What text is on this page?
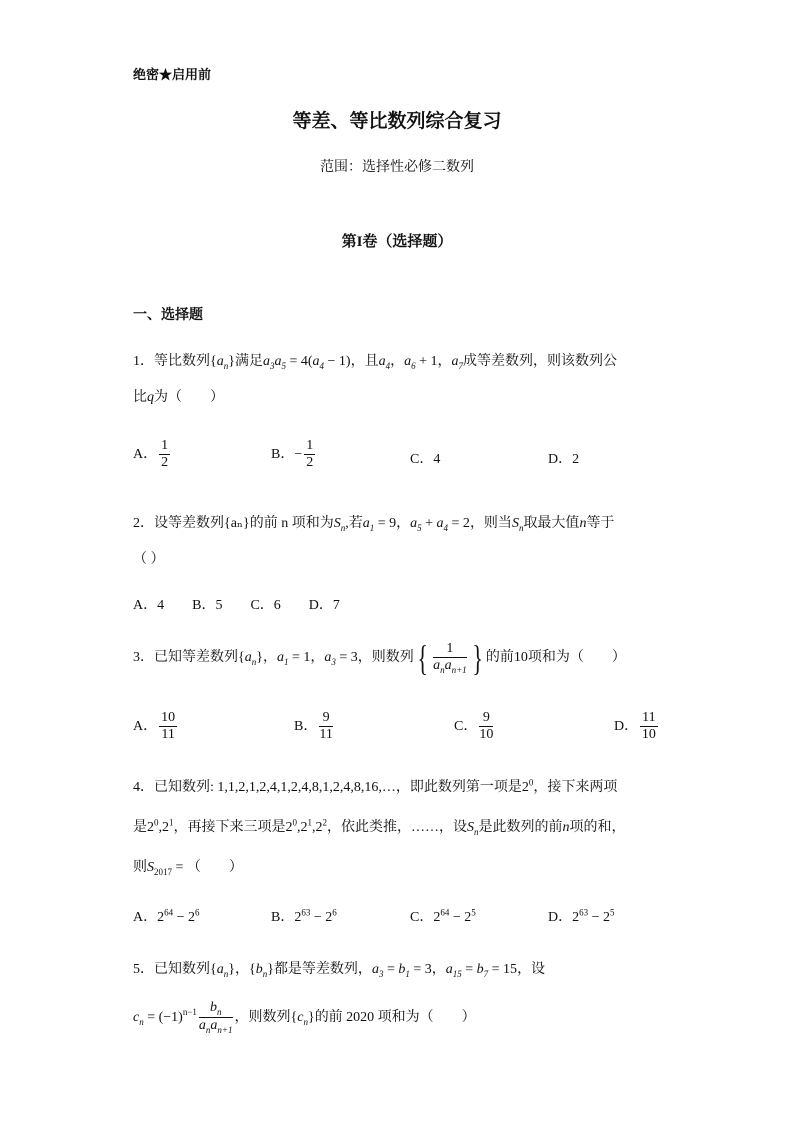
绝密★启用前
等差、等比数列综合复习
范围：选择性必修二数列
第I卷（选择题）
一、选择题
1．等比数列$\{a_n\}$满足$a_3a_5 = 4(a_4 - 1)$，且$a_4$，$a_6 + 1$，$a_7$成等差数列，则该数列公
比q为（　　）
A． $\frac{1}{2}$	B．− $\frac{1}{2}$	C．4	D．2
2．设等差数列{aₙ}的前 n 项和为$S_n$,若$a_1 = 9$，$a_5 + a_4 = 2$，则当$S_n$取最大值n等于
（ ）
A．4　　B．5　　C．6　　D．7
3．已知等差数列$\{a_n\}$，$a_1 = 1$，$a_3 = 3$，则数列{ $\frac{1}{a_na_{n+1}}$ } 的前10项和为（　　）
A． $\frac{10}{11}$	B． $\frac{9}{11}$	C． $\frac{9}{10}$	D． $\frac{11}{10}$
4．已知数列: 1,1,2,1,2,4,1,2,4,8,1,2,4,8,16,…，即此数列第一项是$2^0$，接下来两项
是$2^0,2^1$，再接下来三项是$2^0,2^1,2^2$，依此类推，……，设$S_n$是此数列的前n项的和，
则$S_{2017}$ = （　　）
A．$2^{64} - 2^6$	B．$2^{63} - 2^6$	C．$2^{64} - 2^5$	D．$2^{63} - 2^5$
5．已知数列$\{a_n\}$，$\{b_n\}$都是等差数列，$a_3 = b_1 = 3$，$a_{15} = b_7 = 15$，设
$c_n = (-1)^{n-1} \frac{b_n}{a_na_{n+1}}$ ，则数列$\{c_n\}$的前 2020 项和为（　　）
